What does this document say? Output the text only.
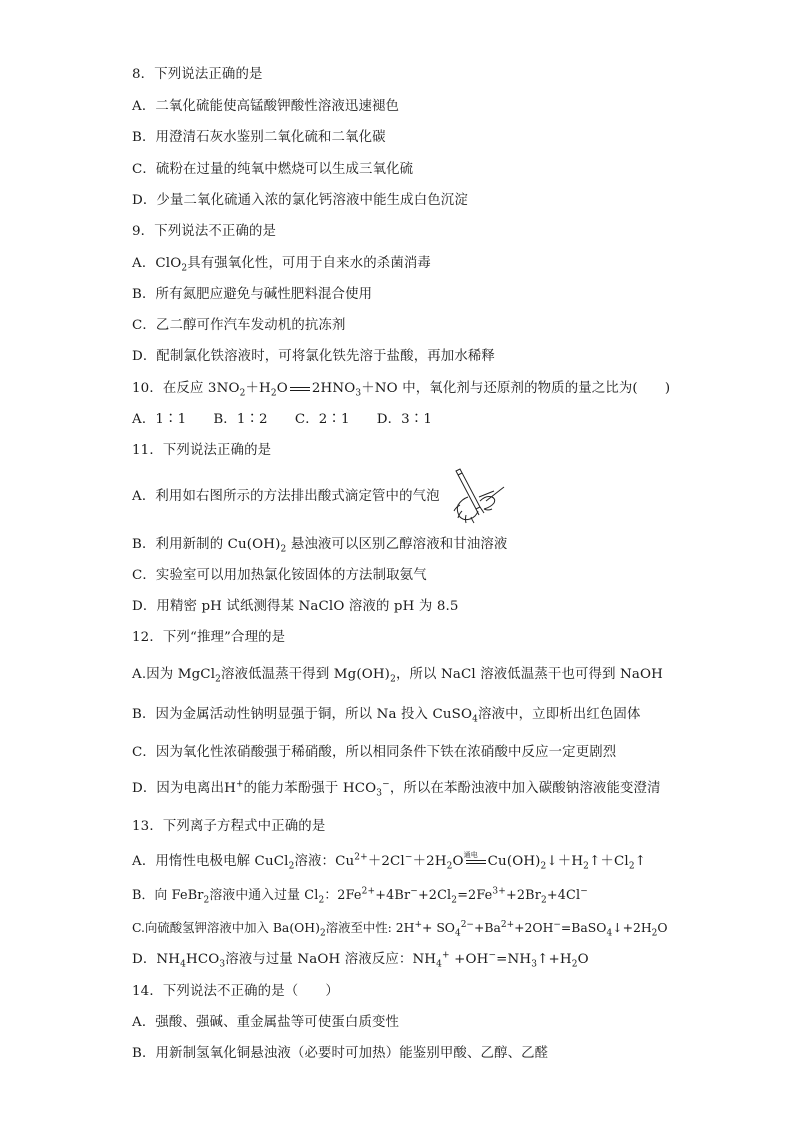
8．下列说法正确的是
A．二氧化硫能使高锰酸钾酸性溶液迅速褪色
B．用澄清石灰水鉴别二氧化硫和二氧化碳
C．硫粉在过量的纯氧中燃烧可以生成三氧化硫
D．少量二氧化硫通入浓的氯化钙溶液中能生成白色沉淀
9．下列说法不正确的是
A．ClO$_2$具有强氧化性，可用于自来水的杀菌消毒
B．所有氮肥应避免与碱性肥料混合使用
C．乙二醇可作汽车发动机的抗冻剂
D．配制氯化铁溶液时，可将氯化铁先溶于盐酸，再加水稀释
10．在反应 $3NO_2+H_2O$ $2HNO_3+NO$ 中，氧化剂与还原剂的物质的量之比为(　　)
A．1∶1　　B．1∶2　　C．2∶1　　D．3∶1
11．下列说法正确的是
A．利用如右图所示的方法排出酸式滴定管中的气泡
B．利用新制的 $Cu(OH)_2$ 悬浊液可以区别乙醇溶液和甘油溶液
C．实验室可以用加热氯化铵固体的方法制取氨气
D．用精密 pH 试纸测得某 NaClO 溶液的 pH 为 8.5
12．下列“推理”合理的是
A.因为 MgCl$_2$溶液低温蒸干得到 $Mg(OH)_2$，所以 NaCl 溶液低温蒸干也可得到 NaOH
B．因为金属活动性钠明显强于铜，所以 Na 投入 CuSO$_4$溶液中，立即析出红色固体
C．因为氧化性浓硝酸强于稀硝酸，所以相同条件下铁在浓硝酸中反应一定更剧烈
D．因为电离出H+的能力苯酚强于 $HCO_3^-$，所以在苯酚浊液中加入碳酸钠溶液能变澄清
13．下列离子方程式中正确的是
A．用惰性电极电解 CuCl$_2$溶液：$Cu^{2+}+2Cl^-+2H_2O$ 通电 $Cu(OH)_2↓+H_2↑+Cl_2↑$
B．向 FeBr$_2$溶液中通入过量 $Cl_2$：$2Fe^{2+}+4Br^-+2Cl_2=2Fe^{3+}+2Br_2+4Cl^-$
C.向硫酸氢钾溶液中加入 $Ba(OH)_2$溶液至中性: $2H^++ SO_4^{2-}+Ba^{2+}+2OH^-=BaSO_4↓+2H_2O$
D．$NH_4HCO_3$溶液与过量 NaOH 溶液反应：$NH_4^+$ $+OH^-=NH_3↑+H_2O$
14．下列说法不正确的是（　　）
A．强酸、强碱、重金属盐等可使蛋白质变性
B．用新制氢氧化铜悬浊液（必要时可加热）能鉴别甲酸、乙醇、乙醛
